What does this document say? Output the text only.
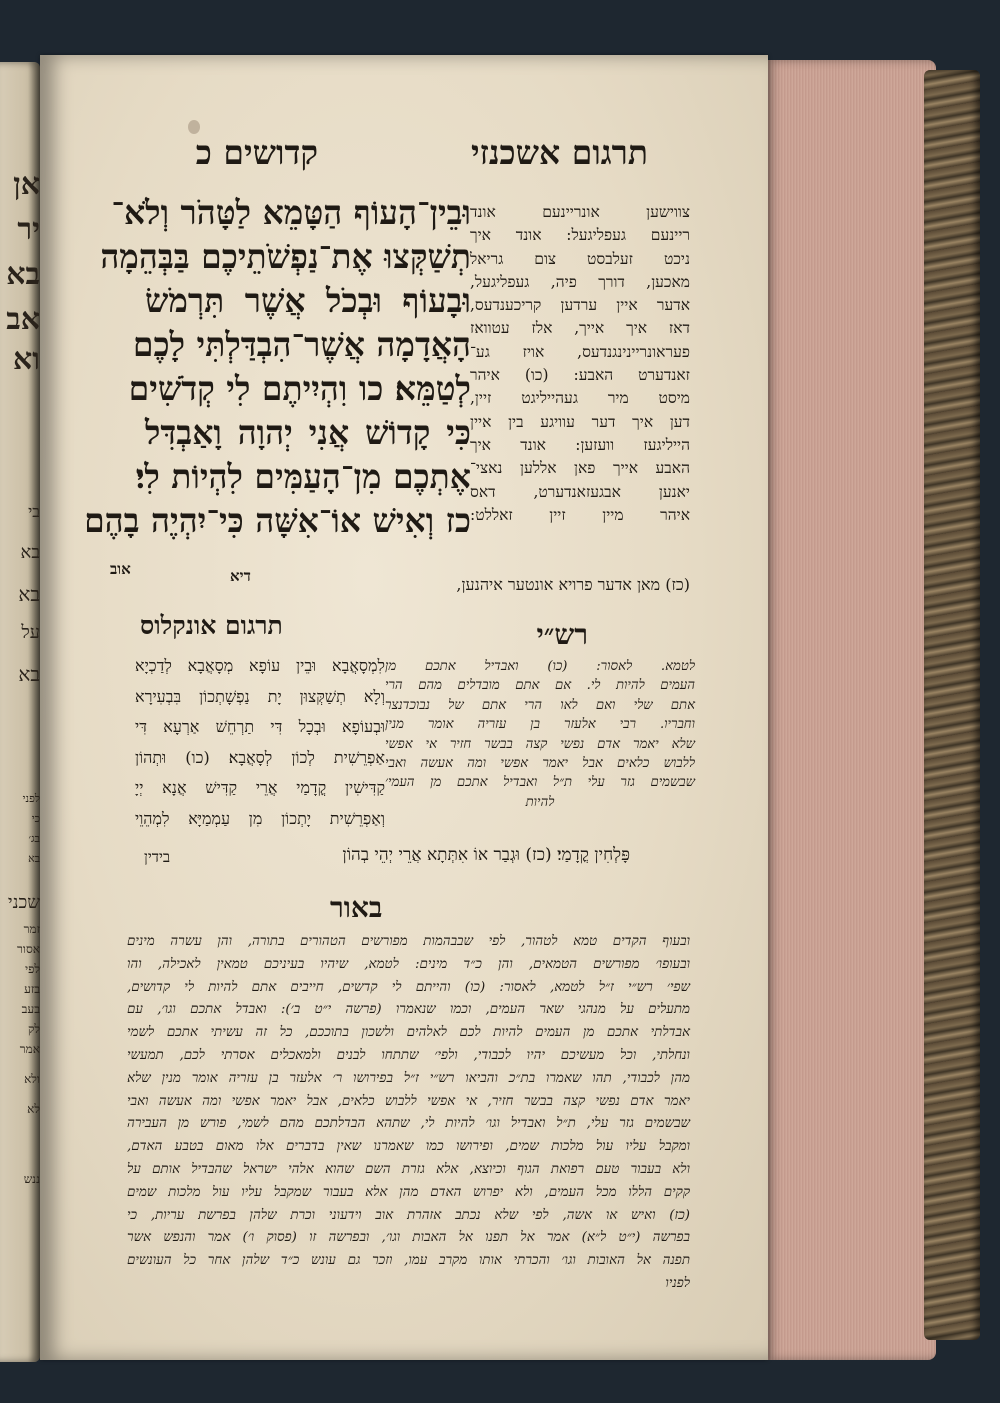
אן
יר
בא
אב
וא
בי
בא
בא
על
בא
לפני
כי
בג׳
בא
שכני
זמר
אסור
לפי
בזע
בעב
לק
אמר
ולא
לא
ננש
תרגום אשכנזי
קדושים כ
וּבֵין־הָעוֹף הַטָּמֵא לַטָּהֹר וְלֹא־
תְשַׁקְּצוּ אֶת־נַפְשֹׁתֵיכֶם בַּבְּהֵמָה
וּבָעוֹף וּבְכֹל אֲשֶׁר תִּרְמֹשׂ
הָאֲדָמָה אֲשֶׁר־הִבְדַּלְתִּי לָכֶם
לְטַמֵּא׃ כו וִהְיִיתֶם לִי קְדֹשִׁים
כִּי קָדוֹשׁ אֲנִי יְהוָה וָאַבְדִּל
אֶתְכֶם מִן־הָעַמִּים לִהְיוֹת לִי׃
כז וְאִישׁ אוֹ־אִשָּׁה כִּי־יִהְיֶה בָהֶם
צווישען אונריינעם אונד
ריינעם געפליגעל: אונד איך
ניכט זעלבסט צום גריאל
מאכען, דורך פיה, געפליגעל,
אדער איין ערדען קריכענדעס,
דאז איך אייך, אלז עטוואז
פעראונריינינגנדעס, אויז גע־
זאנדערט האבע: (כו) איהר
מיסט מיר געהייליגט זיין,
דען איך דער עוויגע בין איין
הייליגעז וועזען: אונד איך
האבע אייך פאן אללען נאצי־
יאנען אבגעזאנדערט, דאס
איהר מיין זיין זאללט:
אוב	דיא	(כז) מאן אדער פרויא אונטער איהנען,
רש״י
תרגום אונקלוס
לטמא. לאסור: (כו) ואבדיל אתכם מן
העמים להיות לי. אם אתם מובדלים מהם הרי
אתם שלי ואם לאו הרי אתם של נבוכדנצר
וחבריו. רבי אלעזר בן עזריה אומר מנין
שלא יאמר אדם נפשי קצה בבשר חזיר אי אפשי
ללבוש כלאים אבל יאמר אפשי ומה אעשה ואבי
שבשמים גזר עלי ת״ל ואבדיל אתכם מן העמי׳
להיות
לִמְסָאֲבָא וּבֵין עוֹפָא מְסָאֲבָא לְדַכְיָא
וְלָא תְשַׁקְּצוּן יָת נַפְשָׁתְכוֹן בִּבְעִירָא
וּבְעוֹפָא וּבְכָל דִּי תַרְחֵשׁ אַרְעָא דִּי
אַפְרֵשִׁית לְכוֹן לְסָאֲבָא׃ (כו) וּתְהוֹן
קַדִּישִׁין קֳדָמַי אֲרֵי קַדִּישׁ אֲנָא יְיָ
וְאַפְרֵשִׁית יָתְכוֹן מִן עַמְמַיָּא לִמְהֵוֵי
פָּלְחִין קֳדָמַי׃ (כז) וּגְבַר אוֹ אִתְּתָא אֲרֵי יְהֵי בְהוֹן
בידין
באור
ובעוף הקדים טמא לטהור, לפי שבבהמות מפורשים הטהורים בתורה, והן עשרה מינים
ובעופו׳ מפורשים הטמאים, והן כ״ד מינים: לטמא, שיהיו בעיניכם טמאין לאכילה, והו
שפי׳ רש״י ז״ל לטמא, לאסור: (כו) והייתם לי קדשים, חייבים אתם להיות לי קדושים,
מתעלים על מנהגי שאר העמים, וכמו שנאמרו (פרשה י״ט ב׳): ואבדל אתכם וגו׳, עם
אבדלתי אתכם מן העמים להיות לכם לאלהים ולשכון בתוככם, כל זה עשיתי אתכם לשמי
ונחלתי, וכל מעשיכם יהיו לכבודי, ולפי׳ שתתחו לבנים ולמאכלים אסרתי לכם, תמעשי
מהן לכבודי, תהו שאמרו בת״כ והביאו רש״י ז״ל בפירושו ר׳ אלעזר בן עזריה אומר מנין שלא
יאמר אדם נפשי קצה בבשר חזיר, אי אפשי ללבוש כלאים, אבל יאמר אפשי ומה אעשה ואבי
שבשמים גזר עלי, ת״ל ואבדיל וגו׳ להיות לי, שתהא הבדלתכם מהם לשמי, פורש מן העבירה
ומקבל עליו עול מלכות שמים, ופירושו כמו שאמרנו שאין בדברים אלו מאום בטבע האדם,
ולא בעבור טעם רפואת הגוף וכיוצא, אלא גזרת השם שהוא אלהי ישראל שהבדיל אותם על
קקים הללו מכל העמים, ולא יפרוש האדם מהן אלא בעבור שמקבל עליו עול מלכות שמים
(כז) ואיש או אשה, לפי שלא נכתב אזהרת אוב וידעוני וכרת שלהן בפרשת עריות, כי
בפרשה (י״ט ל״א) אמר אל תפנו אל האבות וגו׳, ובפרשה זו (פסוק ו׳) אמר והנפש אשר
תפנה אל האובות וגו׳ והכרתי אותו מקרב עמו, וזכר גם עונש כ״ד שלהן אחר כל העונשים
לפניו
